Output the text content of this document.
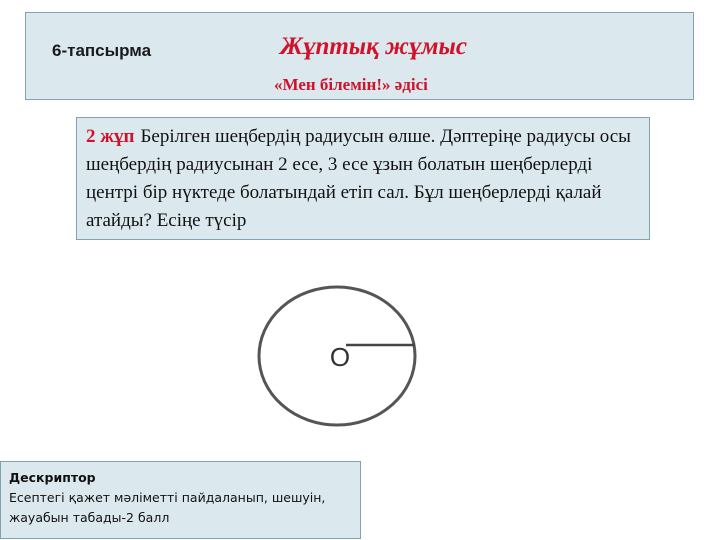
6-тапсырма	Жұптық жұмыс
«Мен білемін!» әдісі
2 жұп Берілген шеңбердің радиусын өлше. Дәптеріңе радиусы осы шеңбердің радиусынан 2 есе, 3 есе ұзын болатын шеңберлерді центрі бір нүктеде болатындай етіп сал. Бұл шеңберлерді қалай атайды? Есіңе түсір
O
Дескриптор
Есептегі қажет мәліметті пайдаланып, шешуін, жауабын табады-2 балл
